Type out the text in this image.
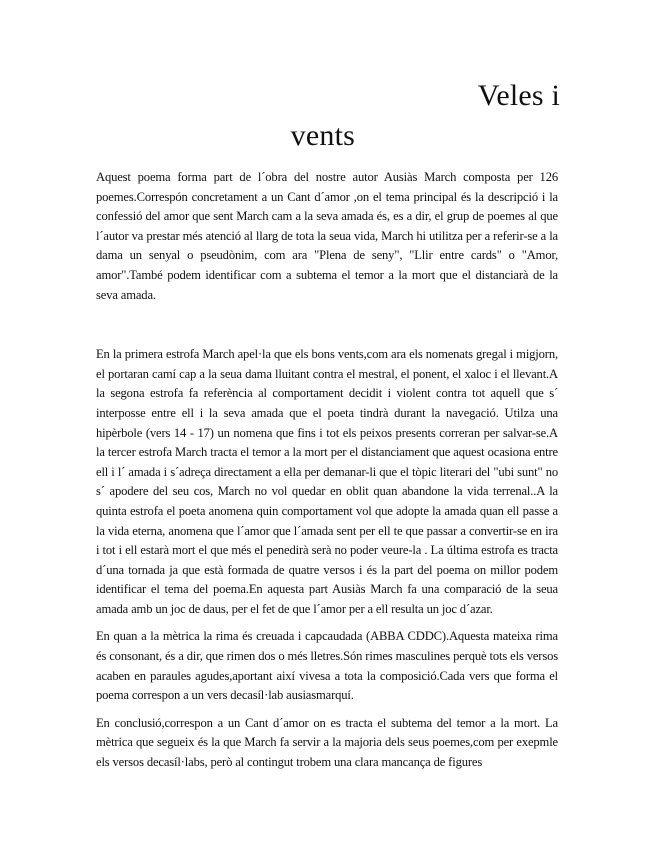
Veles i
vents

Aquest poema forma part de l´obra del nostre autor Ausiàs March composta per 126 poemes.Correspón concretament a un Cant d´amor ,on el tema principal és la descripció i la confessió del amor que sent March cam a la seva amada és, es a dir, el grup de poemes al que l´autor va prestar més atenció al llarg de tota la seua vida, March hi utilitza per a referir-se a la dama un senyal o pseudònim, com ara "Plena de seny", "Llir entre cards" o "Amor, amor".També podem identificar com a subtema el temor a la mort que el distanciarà de la seva amada.

En la primera estrofa March apel·la que els bons vents,com ara els nomenats gregal i migjorn, el portaran camí cap a la seua dama lluitant contra el mestral, el ponent, el xaloc i el llevant.A la segona estrofa fa referència al comportament decidit i violent contra tot aquell que s´ interposse entre ell i la seva amada que el poeta tindrà durant la navegació. Utilza una hipèrbole (vers 14 - 17) un nomena que fins i tot els peixos presents correran per salvar-se.A la tercer estrofa March tracta el temor a la mort per el distanciament que aquest ocasiona entre ell i l´ amada i s´adreça directament a ella per demanar-li que el tòpic literari del "ubi sunt" no s´ apodere del seu cos, March no vol quedar en oblit quan abandone la vida terrenal..A la quinta estrofa el poeta anomena quin comportament vol que adopte la amada quan ell passe a la vida eterna, anomena que l´amor que l´amada sent per ell te que passar a convertir-se en ira i tot i ell estarà mort el que més el penedirà serà no poder veure-la . La última estrofa es tracta d´una tornada ja que està formada de quatre versos i és la part del poema on millor podem identificar el tema del poema.En aquesta part Ausiàs March fa una comparació de la seua amada amb un joc de daus, per el fet de que l´amor per a ell resulta un joc d´azar.

En quan a la mètrica la rima és creuada i capcaudada (ABBA CDDC).Aquesta mateixa rima és consonant, és a dir, que rimen dos o més lletres.Són rimes masculines perquè tots els versos acaben en paraules agudes,aportant així vivesa a tota la composició.Cada vers que forma el poema correspon a un vers decasíl·lab ausiasmarquí.

En conclusió,correspon a un Cant d´amor on es tracta el subtema del temor a la mort. La mètrica que segueix és la que March fa servir a la majoria dels seus poemes,com per exepmle els versos decasíl·labs, però al contingut trobem una clara mancança de figures
